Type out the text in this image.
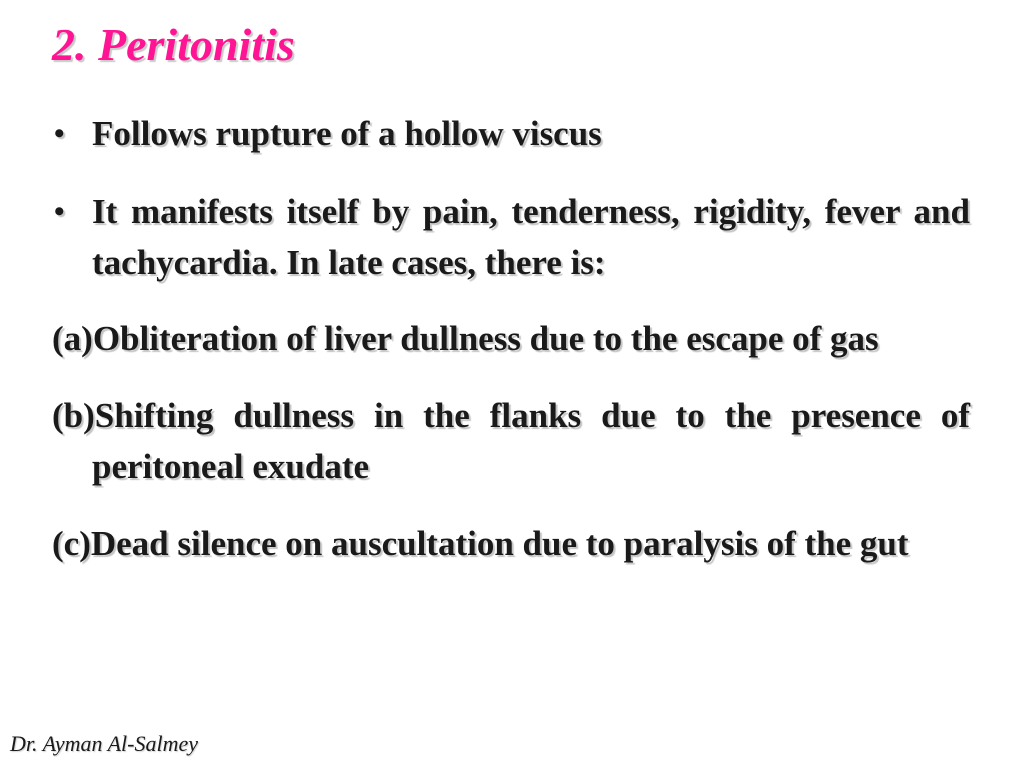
2. Peritonitis
• Follows rupture of a hollow viscus
• It manifests itself by pain, tenderness, rigidity, fever and tachycardia. In late cases, there is:
(a)Obliteration of liver dullness due to the escape of gas
(b)Shifting dullness in the flanks due to the presence of peritoneal exudate
(c)Dead silence on auscultation due to paralysis of the gut
Dr. Ayman Al-Salmey
